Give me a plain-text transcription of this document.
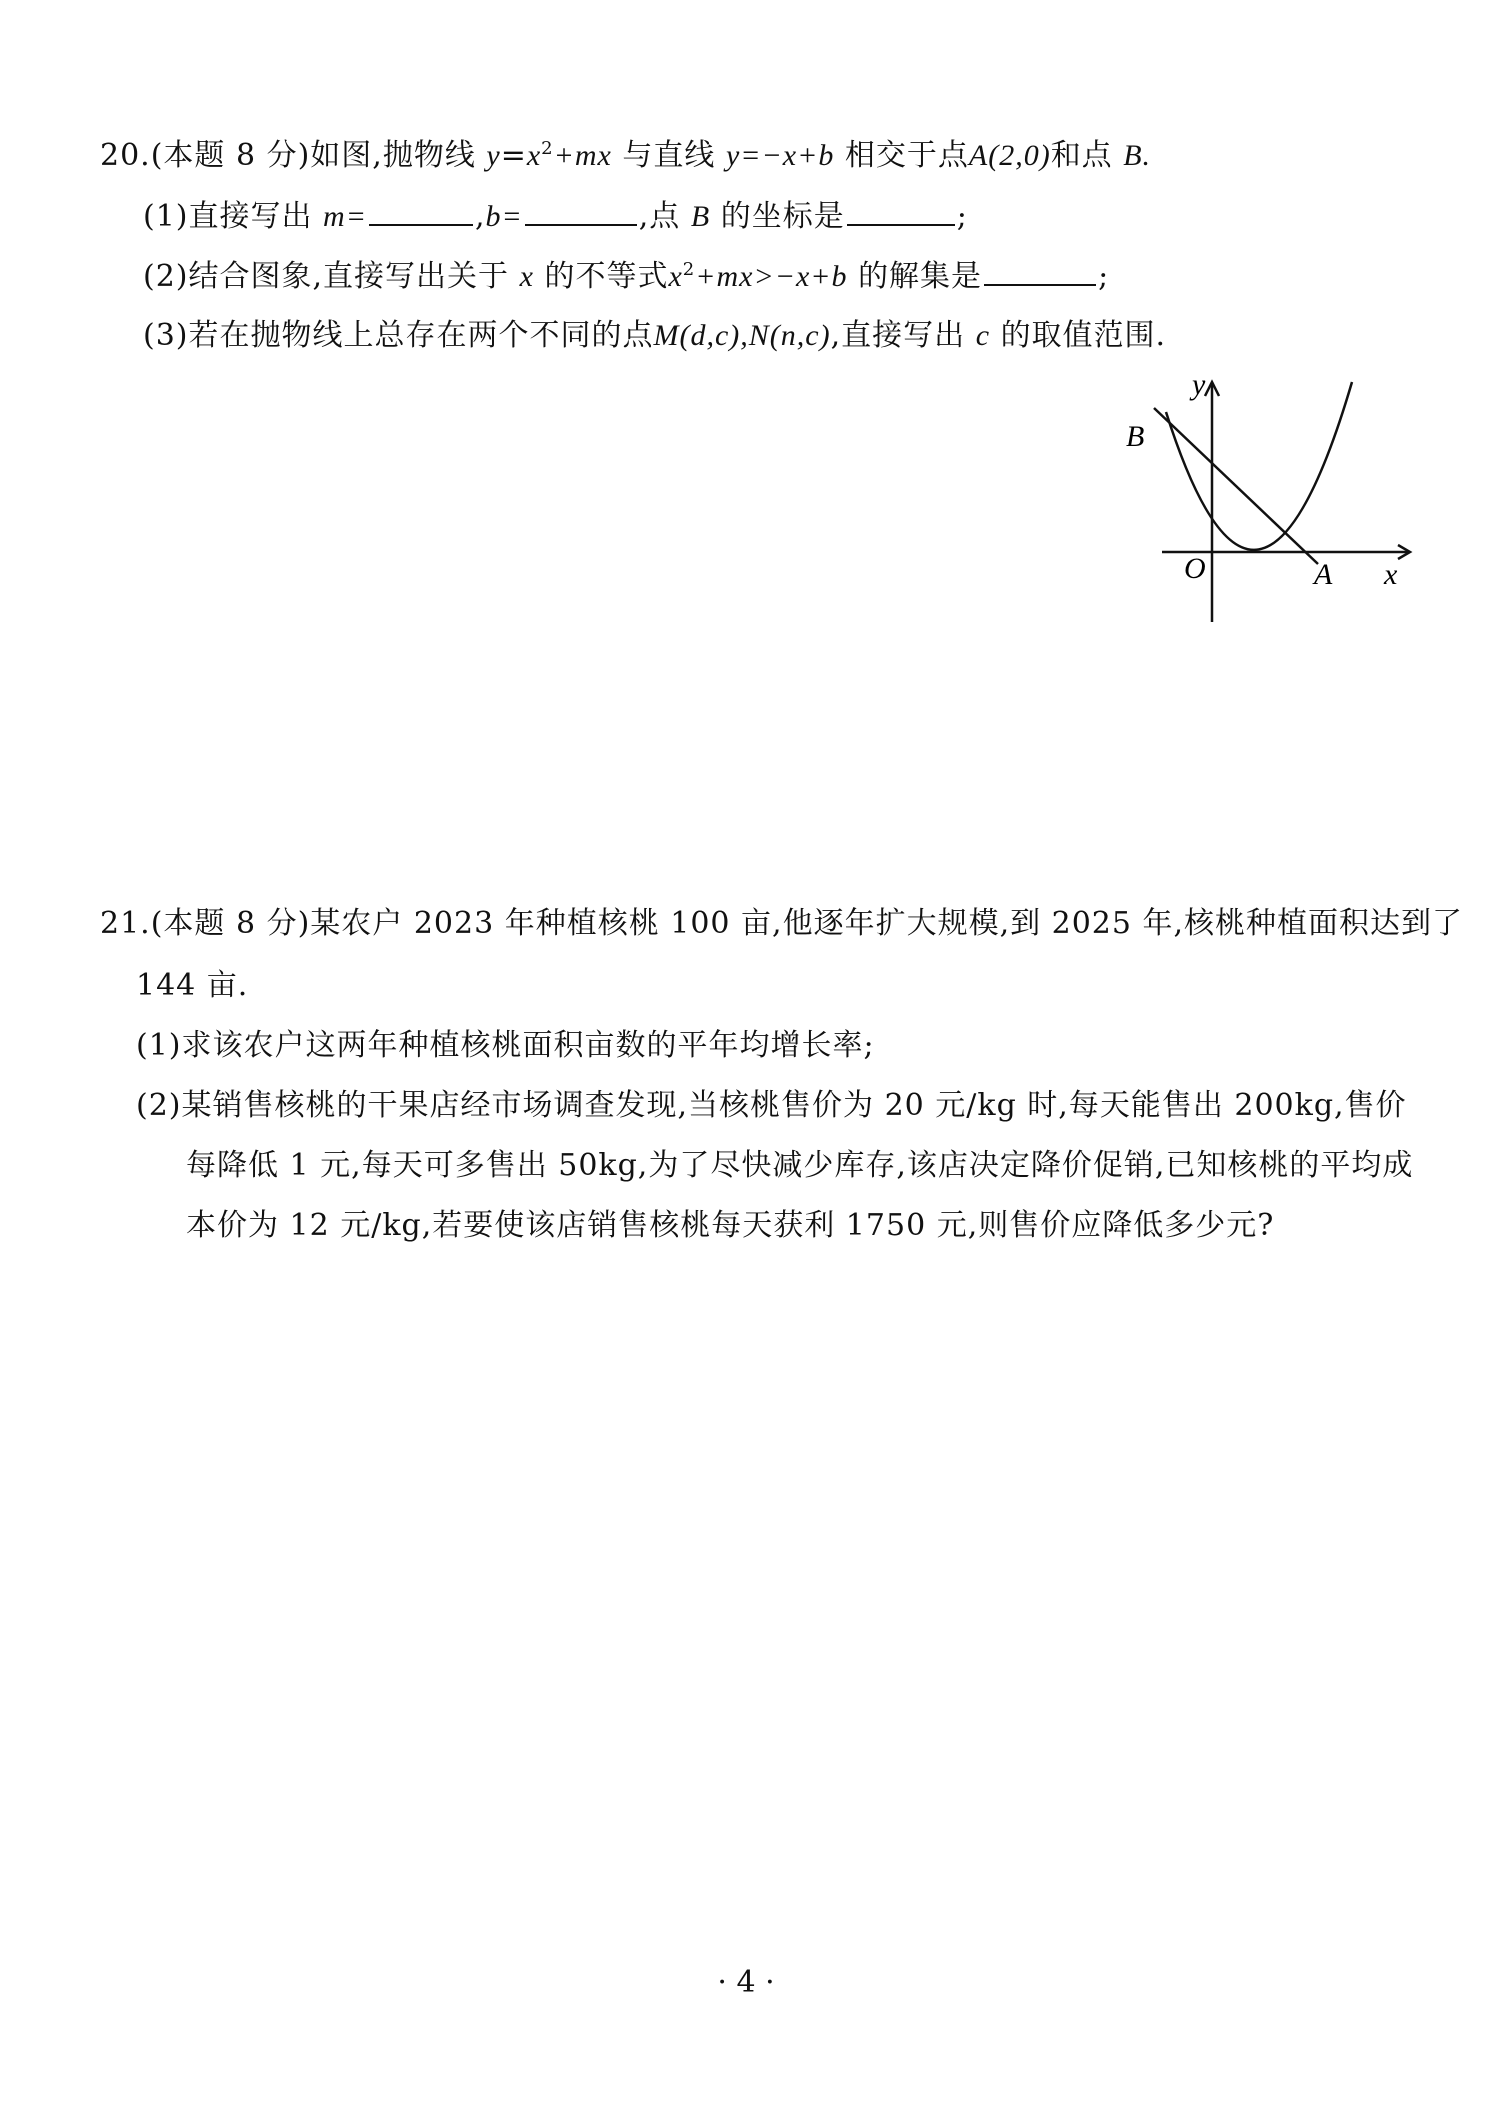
20.(本题 8 分)如图,抛物线 $y=x^2+mx$ 与直线 y=−x+b 相交于点A(2,0)和点 B.
(1)直接写出 m=	,b=	,点 B 的坐标是	;
(2)结合图象,直接写出关于 x 的不等式$x^2+mx>-x+b$ 的解集是	;
(3)若在抛物线上总存在两个不同的点M(d,c),N(n,c),直接写出 c 的取值范围.
y
x
O	A
B
21.(本题 8 分)某农户 2023 年种植核桃 100 亩,他逐年扩大规模,到 2025 年,核桃种植面积达到了
144 亩.
(1)求该农户这两年种植核桃面积亩数的平年均增长率;
(2)某销售核桃的干果店经市场调查发现,当核桃售价为 20 元/kg 时,每天能售出 200kg,售价
每降低 1 元,每天可多售出 50kg,为了尽快减少库存,该店决定降价促销,已知核桃的平均成
本价为 12 元/kg,若要使该店销售核桃每天获利 1750 元,则售价应降低多少元?
· 4 ·
